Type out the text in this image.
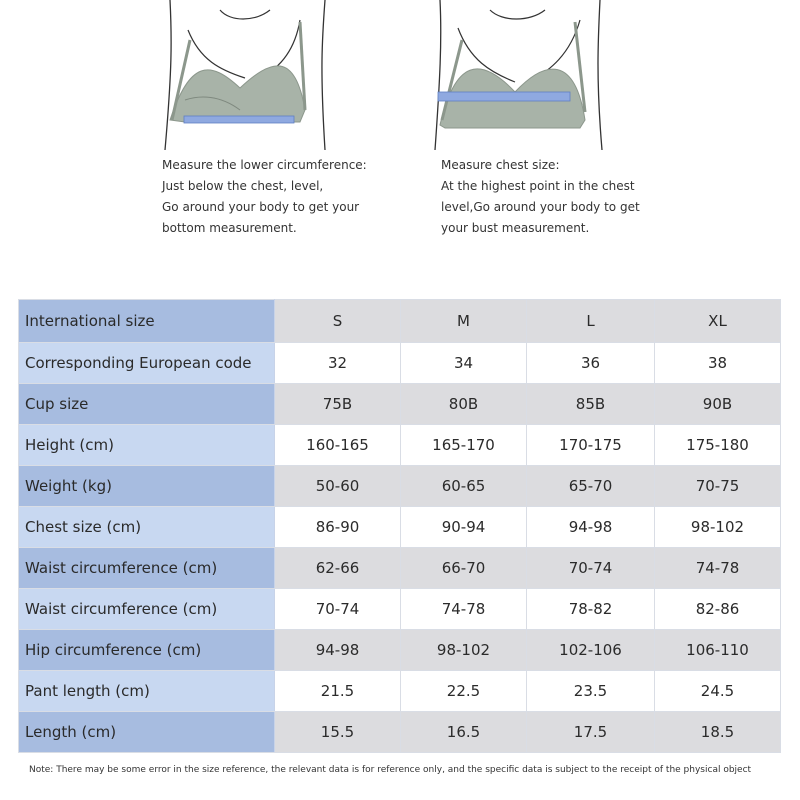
Measure the lower circumference:
Just below the chest, level,
Go around your body to get your
bottom measurement.

Measure chest size:
At the highest point in the chest
level,Go around your body to get
your bust measurement.

International size	S	M	L	XL
Corresponding European code	32	34	36	38
Cup size	75B	80B	85B	90B
Height (cm)	160-165	165-170	170-175	175-180
Weight (kg)	50-60	60-65	65-70	70-75
Chest size (cm)	86-90	90-94	94-98	98-102
Waist circumference (cm)	62-66	66-70	70-74	74-78
Waist circumference (cm)	70-74	74-78	78-82	82-86
Hip circumference (cm)	94-98	98-102	102-106	106-110
Pant length (cm)	21.5	22.5	23.5	24.5
Length (cm)	15.5	16.5	17.5	18.5

Note: There may be some error in the size reference, the relevant data is for reference only, and the specific data is subject to the receipt of the physical object
